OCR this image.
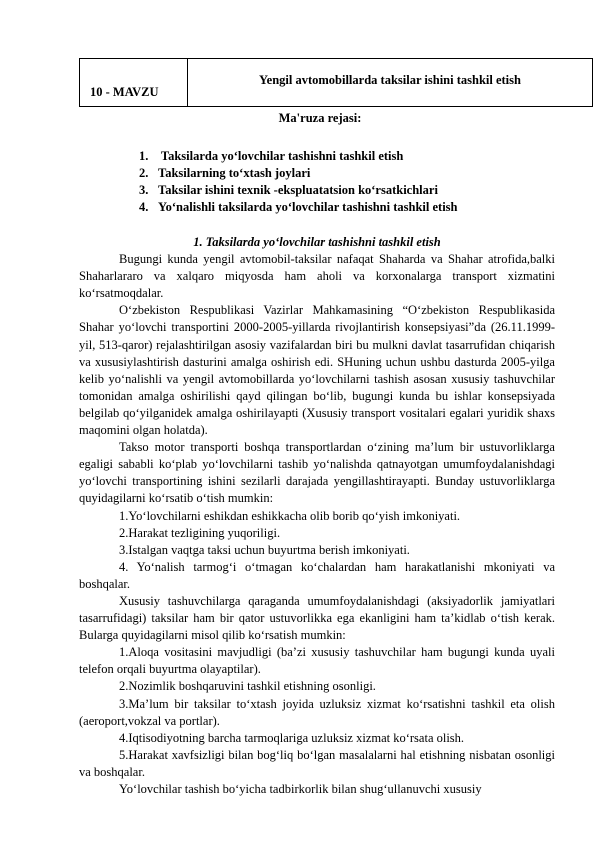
10 - MAVZU
Yengil avtomobillarda taksilar ishini tashkil etish
Ma'ruza rejasi:
1. Taksilarda yo‘lovchilar tashishni tashkil etish
2. Taksilarning to‘xtash joylari
3. Taksilar ishini texnik -ekspluatatsion ko‘rsatkichlari
4. Yo‘nalishli taksilarda yo‘lovchilar tashishni tashkil etish
1. Taksilarda yo‘lovchilar tashishni tashkil etish

Bugungi kunda yengil avtomobil-taksilar nafaqat Shaharda va Shahar atrofida,balki Shaharlararo va xalqaro miqyosda ham aholi va korxonalarga transport xizmatini ko‘rsatmoqdalar.

O‘zbekiston Respublikasi Vazirlar Mahkamasining “O‘zbekiston Respublikasida Shahar yo‘lovchi transportini 2000-2005-yillarda rivojlantirish konsepsiyasi”da (26.11.1999-yil, 513-qaror) rejalashtirilgan asosiy vazifalardan biri bu mulkni davlat tasarrufidan chiqarish va xususiylashtirish dasturini amalga oshirish edi. SHuning uchun ushbu dasturda 2005-yilga kelib yo‘nalishli va yengil avtomobillarda yo‘lovchilarni tashish asosan xususiy tashuvchilar tomonidan amalga oshirilishi qayd qilingan bo‘lib, bugungi kunda bu ishlar konsepsiyada belgilab qo‘yilganidek amalga oshirilayapti (Xususiy transport vositalari egalari yuridik shaxs maqomini olgan holatda).

Takso motor transporti boshqa transportlardan o‘zining ma’lum bir ustuvorliklarga egaligi sababli ko‘plab yo‘lovchilarni tashib yo‘nalishda qatnayotgan umumfoydalanishdagi yo‘lovchi transportining ishini sezilarli darajada yengillashtirayapti. Bunday ustuvorliklarga quyidagilarni ko‘rsatib o‘tish mumkin:

1.Yo‘lovchilarni eshikdan eshikkacha olib borib qo‘yish imkoniyati.

2.Harakat tezligining yuqoriligi.

3.Istalgan vaqtga taksi uchun buyurtma berish imkoniyati.

4. Yo‘nalish tarmog‘i o‘tmagan ko‘chalardan ham harakatlanishi mkoniyati va boshqalar.

Xususiy tashuvchilarga qaraganda umumfoydalanishdagi (aksiyadorlik jamiyatlari tasarrufidagi) taksilar ham bir qator ustuvorlikka ega ekanligini ham ta’kidlab o‘tish kerak. Bularga quyidagilarni misol qilib ko‘rsatish mumkin:

1.Aloqa vositasini mavjudligi (ba’zi xususiy tashuvchilar ham bugungi kunda uyali telefon orqali buyurtma olayaptilar).

2.Nozimlik boshqaruvini tashkil etishning osonligi.

3.Ma’lum bir taksilar to‘xtash joyida uzluksiz xizmat ko‘rsatishni tashkil eta olish (aeroport,vokzal va portlar).

4.Iqtisodiyotning barcha tarmoqlariga uzluksiz xizmat ko‘rsata olish.

5.Harakat xavfsizligi bilan bog‘liq bo‘lgan masalalarni hal etishning nisbatan osonligi va boshqalar.

Yo‘lovchilar tashish bo‘yicha tadbirkorlik bilan shug‘ullanuvchi xususiy
